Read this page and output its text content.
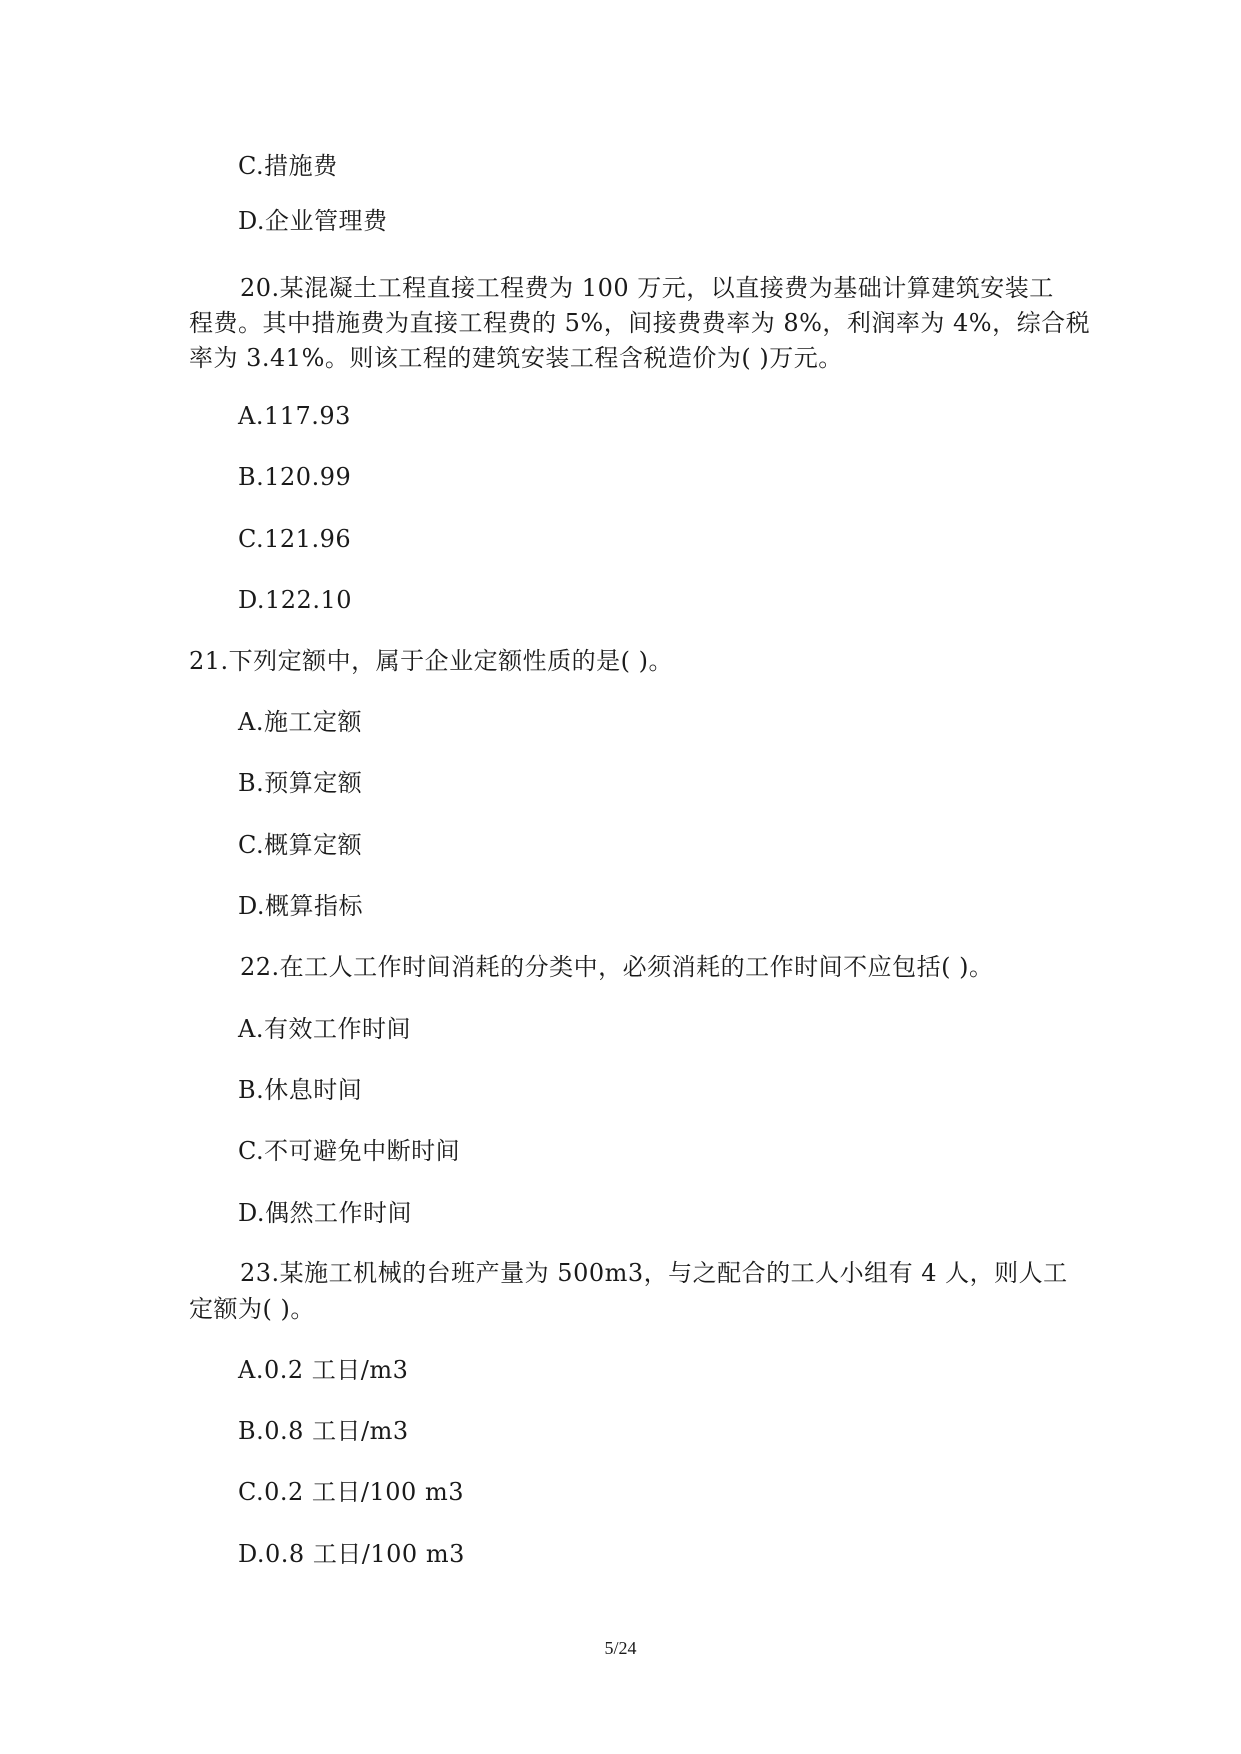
C.措施费
D.企业管理费
20.某混凝土工程直接工程费为 100 万元，以直接费为基础计算建筑安装工
程费。其中措施费为直接工程费的 5%，间接费费率为 8%，利润率为 4%，综合税
率为 3.41%。则该工程的建筑安装工程含税造价为( )万元。
A.117.93
B.120.99
C.121.96
D.122.10
21.下列定额中，属于企业定额性质的是( )。
A.施工定额
B.预算定额
C.概算定额
D.概算指标
22.在工人工作时间消耗的分类中，必须消耗的工作时间不应包括( )。
A.有效工作时间
B.休息时间
C.不可避免中断时间
D.偶然工作时间
23.某施工机械的台班产量为 500m3，与之配合的工人小组有 4 人，则人工
定额为( )。
A.0.2 工日/m3
B.0.8 工日/m3
C.0.2 工日/100 m3
D.0.8 工日/100 m3
5/24
